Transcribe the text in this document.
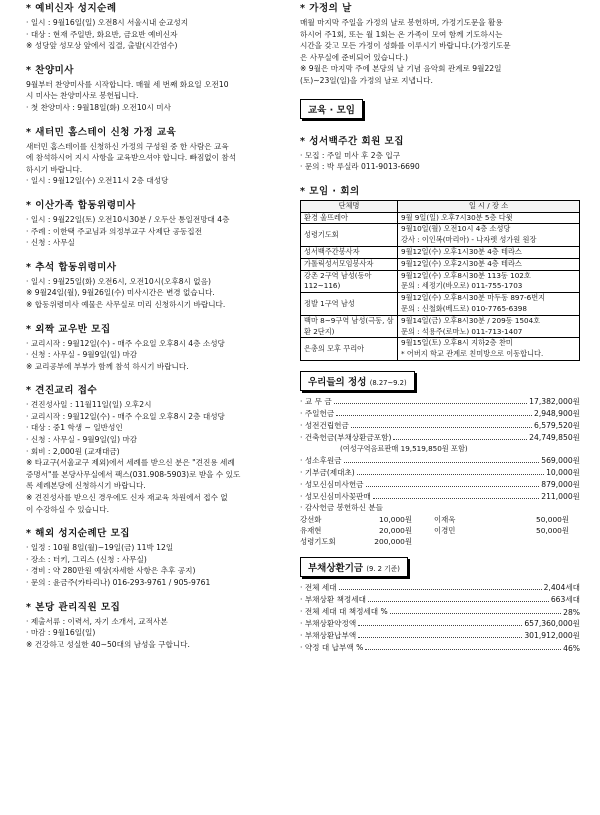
* 예비신자 성지순례
· 일시 : 9월16일(일) 오전8시 서울시내 순교성지
· 대상 : 현재 주일반, 화요반, 금요반 예비신자
※ 성당앞 성모상 앞에서 집결, 출발(시간엄수)
* 찬양미사
9월부터 찬양미사를 시작합니다. 매월 세 번째 화요일 오전10
시 미사는 찬양미사로 봉헌됩니다.
· 첫 찬양미사 : 9월18일(화) 오전10시 미사
* 새터민 홈스테이 신청 가정 교육
새터민 홈스테이를 신청하신 가정의 구성원 중 한 사람은 교육
에 참석하시어 지시 사항을 교육받으셔야 합니다. 빠짐없이 참석
하시기 바랍니다.
· 일시 : 9월12일(수) 오전11시 2층 대성당
* 이산가족 합동위령미사
· 일시 : 9월22일(토) 오전10시30분 / 오두산 통일전망대 4층
· 주례 : 이한택 주교님과 의정부교구 사제단 공동집전
· 신청 : 사무실
* 추석 합동위령미사
· 일시 : 9월25일(화) 오전6시, 오전10시(오후8시 없음)
※ 9월24일(월), 9월26일(수) 미사시간은 변경 없습니다.
※ 합동위령미사 예물은 사무실로 미리 신청하시기 바랍니다.
* 외짝 교우반 모집
· 교리시작 : 9월12일(수) - 매주 수요일 오후8시 4층 소성당
· 신청 : 사무실 - 9월9일(일) 마감
※ 교리공부에 부부가 함께 참석 하시기 바랍니다.
* 견진교리 접수
· 견진성사일 : 11월11일(일) 오후2시
· 교리시작 : 9월12일(수) - 매주 수요일 오후8시 2층 대성당
· 대상 : 중1 학생 ~ 일반성인
· 신청 : 사무실 - 9월9일(일) 마감
· 회비 : 2,000원 (교재대금)
※ 타교구(서울교구 제외)에서 세례를 받으신 분은 "견진용 세례
증명서"를 본당사무실에서 팩스(031.908-5903)로 받을 수 있도
록 세례본당에 신청하시기 바랍니다.
※ 견진성사를 받으신 경우에도 신자 재교육 차원에서 접수 없
이 수강하실 수 있습니다.
* 해외 성지순례단 모집
· 일정 : 10월 8일(월)~19일(금) 11박 12일
· 장소 : 터키, 그리스 (신청 : 사무실)
· 경비 : 약 280만원 예상(자세한 사항은 추후 공지)
· 문의 : 윤금주(카타리나) 016-293-9761 / 905-9761
* 본당 관리직원 모집
· 제출서류 : 이력서, 자기 소개서, 교적사본
· 마감 : 9월16일(일)
※ 건강하고 성실한 40~50대의 남성을 구합니다.
* 가정의 날
매월 마지막 주일을 가정의 날로 봉헌하며, 가정기도문을 활용
하시어 주1회, 또는 월 1회는 온 가족이 모여 함께 기도하시는
시간을 갖고 모든 가정이 성화를 이루시기 바랍니다.(가정기도문
은 사무실에 준비되어 있습니다.)
※ 9월은 마지막 주에 본당의 날 기념 음악회 관계로 9월22일
(토)~23일(일)을 가정의 날로 지냅니다.
교육 · 모임
* 성서백주간 회원 모집
· 모집 : 주일 미사 후 2층 입구
· 문의 : 박 루실라 011-9013-6690
* 모임 · 회의
단체명	일 시 / 장 소
환경 울뜨레아	9월 9일(일) 오후7시30분 5층 다윗

성령기도회	9월10일(월) 오전10시 4층 소성당
강사 : 이인복(마리아) - 나자렛 성가원 원장

성서백주간봉사자	9월12일(수) 오후1시30분 4층 테라스

가톨릭성서모임봉사자	9월12일(수) 오후2시30분 4층 테라스

강촌 2구역 남성(동아 112~116)	9월12일(수) 오후8시30분 113동 102호
문의 : 세정기(바오로) 011-755-1703

정발 1구역 남성	9월12일(수) 오후8시30분 마두동 897-6번지
문의 : 신철화(베드로) 010-7765-6398

백마 8~9구역 남성(극동, 삼환 2단지)	9월14일(금) 오후8시30분 / 209동 1504호
문의 : 석용주(로마노) 011-713-1407

은총의 모후 꾸리아	9월15일(토) 오후8시 지하2층 찬미
* 어버지 학교 관계로 친미방으로 이동합니다.
우리들의 정성 (8.27~9.2)
· 교 무 금	17,382,000원
· 주일헌금	2,948,900원
· 성전건립헌금	6,579,520원
· 건축헌금(부채상환금포함)	24,749,850원
(여성구역음료판매 19,519,850원 포함)
· 성소후원금	569,000원
· 기부금(제대초)	10,000원
· 성모신심미사헌금	879,000원
· 성모신심미사꽃판매	211,000원
· 감사헌금 봉헌하신 분들
강선화	10,000원	이재욱	50,000원
유재현	20,000원	이경민	50,000원
성령기도회	200,000원
부채상환기금 (9. 2 기준)
· 전체 세대	2,404세대
· 부채상환 책정세대	663세대
· 전체 세대 대 책정세대 %	28%
· 부채상환약정액	657,360,000원
· 부채상환납부액	301,912,000원
· 약정 대 납부액 %	46%
